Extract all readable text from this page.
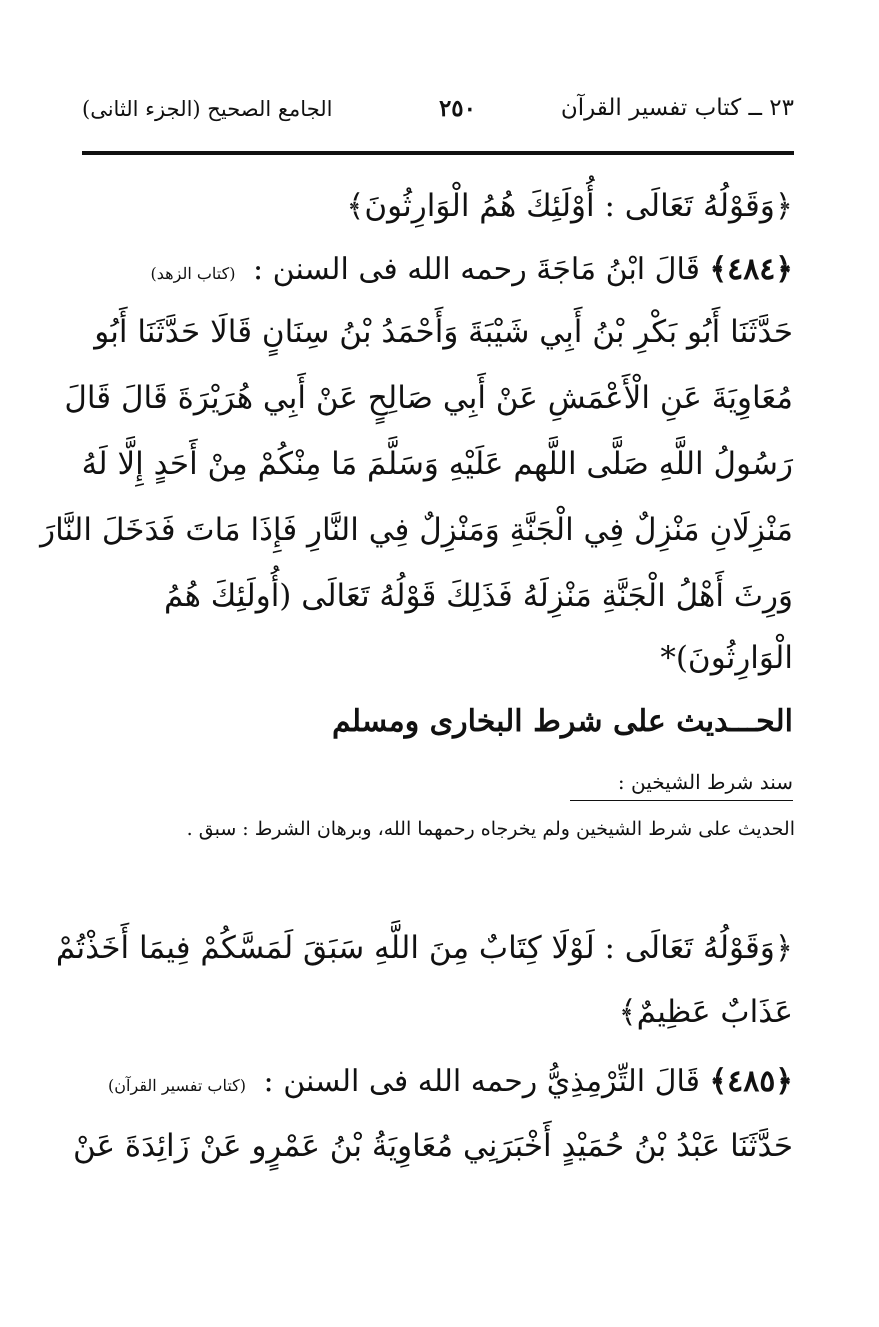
٢٣ ــ كتاب تفسير القرآن
٢٥٠
الجامع الصحيح (الجزء الثانى)
﴿وَقَوْلُهُ تَعَالَى : أُوْلَئِكَ هُمُ الْوَارِثُونَ﴾
﴿٤٨٤﴾ قَالَ ابْنُ مَاجَةَ رحمه الله فى السنن : (كتاب الزهد)
حَدَّثَنَا أَبُو بَكْرِ بْنُ أَبِي شَيْبَةَ وَأَحْمَدُ بْنُ سِنَانٍ قَالَا حَدَّثَنَا أَبُو
مُعَاوِيَةَ عَنِ الْأَعْمَشِ عَنْ أَبِي صَالِحٍ عَنْ أَبِي هُرَيْرَةَ قَالَ قَالَ
رَسُولُ اللَّهِ صَلَّى اللَّهم عَلَيْهِ وَسَلَّمَ مَا مِنْكُمْ مِنْ أَحَدٍ إِلَّا لَهُ
مَنْزِلَانِ مَنْزِلٌ فِي الْجَنَّةِ وَمَنْزِلٌ فِي النَّارِ فَإِذَا مَاتَ فَدَخَلَ النَّارَ
وَرِثَ أَهْلُ الْجَنَّةِ مَنْزِلَهُ فَذَلِكَ قَوْلُهُ تَعَالَى (أُولَئِكَ هُمُ
الْوَارِثُونَ)*
الحـــديث على شرط البخارى ومسلم
سند شرط الشيخين :
الحديث على شرط الشيخين ولم يخرجاه رحمهما الله، وبرهان الشرط : سبق .
﴿وَقَوْلُهُ تَعَالَى : لَوْلَا كِتَابٌ مِنَ اللَّهِ سَبَقَ لَمَسَّكُمْ فِيمَا أَخَذْتُمْ
عَذَابٌ عَظِيمٌ﴾
﴿٤٨٥﴾ قَالَ التِّرْمِذِيُّ رحمه الله فى السنن : (كتاب تفسير القرآن)
حَدَّثَنَا عَبْدُ بْنُ حُمَيْدٍ أَخْبَرَنِي مُعَاوِيَةُ بْنُ عَمْرٍو عَنْ زَائِدَةَ عَنْ
